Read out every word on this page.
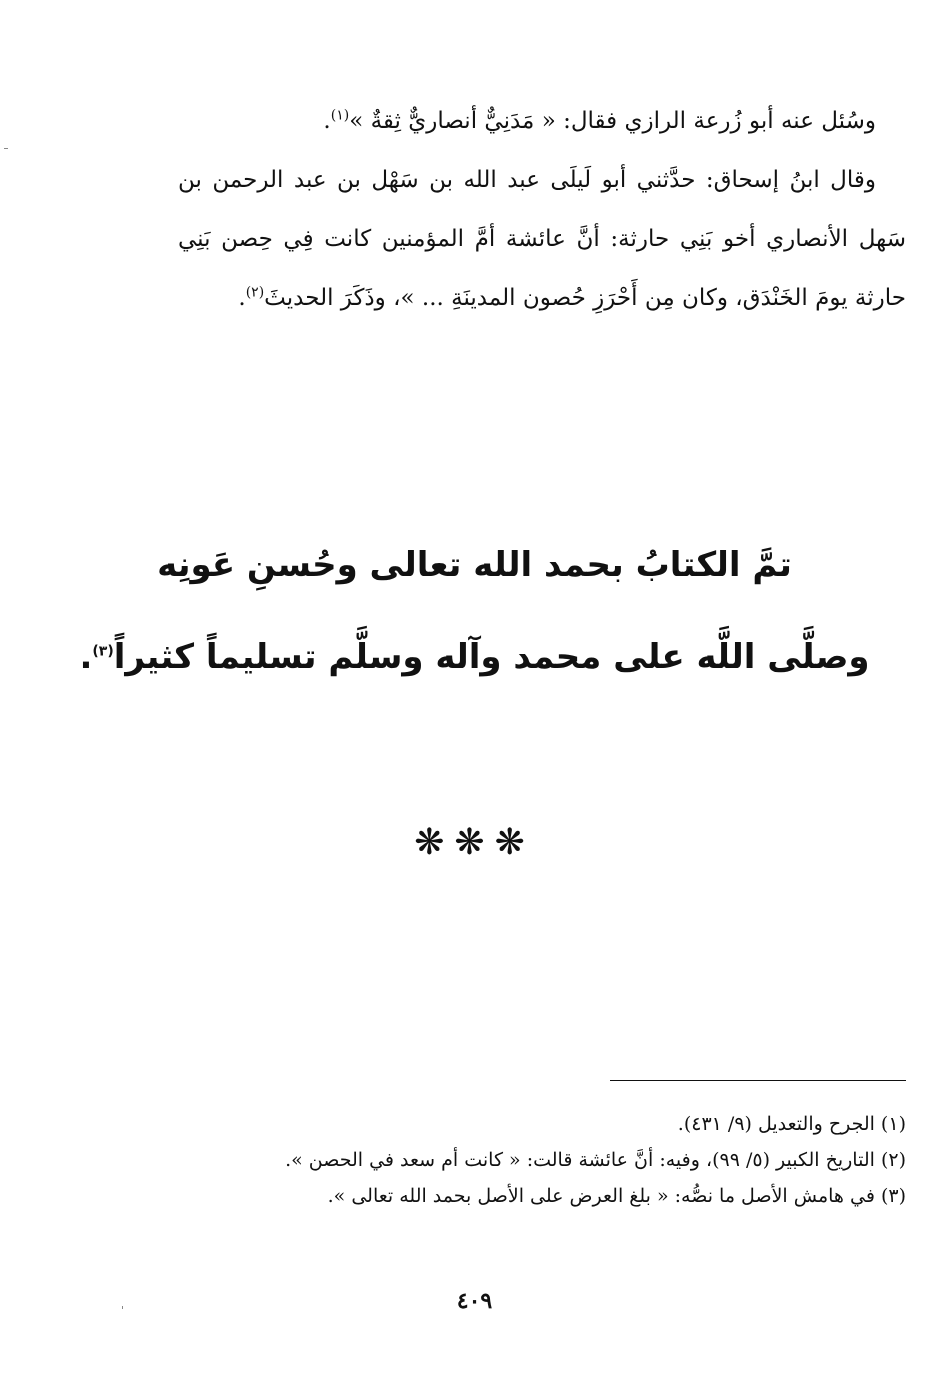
وسُئل عنه أبو زُرعة الرازي فقال: « مَدَنِيٌّ أنصاريٌّ ثِقةٌ »$^{(١)}$.

وقال ابنُ إسحاق: حدَّثني أبو لَيلَى عبد الله بن سَهْل بن عبد الرحمن بن سَهل الأنصاري أخو بَنِي حارثة: أنَّ عائشة أمَّ المؤمنين كانت فِي حِصن بَنِي حارثة يومَ الخَنْدَق، وكان مِن أَحْرَزِ حُصون المدينَةِ ... »، وذَكَرَ الحديثَ$^{(٢)}$.

تمَّ الكتابُ بحمد الله تعالى وحُسنِ عَونِه
وصلَّى اللَّه على محمد وآله وسلَّم تسليماً كثيراً$^{(٣)}$.
❋❋❋

(١) الجرح والتعديل (٩/ ٤٣١).

(٢) التاريخ الكبير (٥/ ٩٩)، وفيه: أنَّ عائشة قالت: « كانت أم سعد في الحصن ».

(٣) في هامش الأصل ما نصُّه: « بلغ العرض على الأصل بحمد الله تعالى ».

٤٠٩
